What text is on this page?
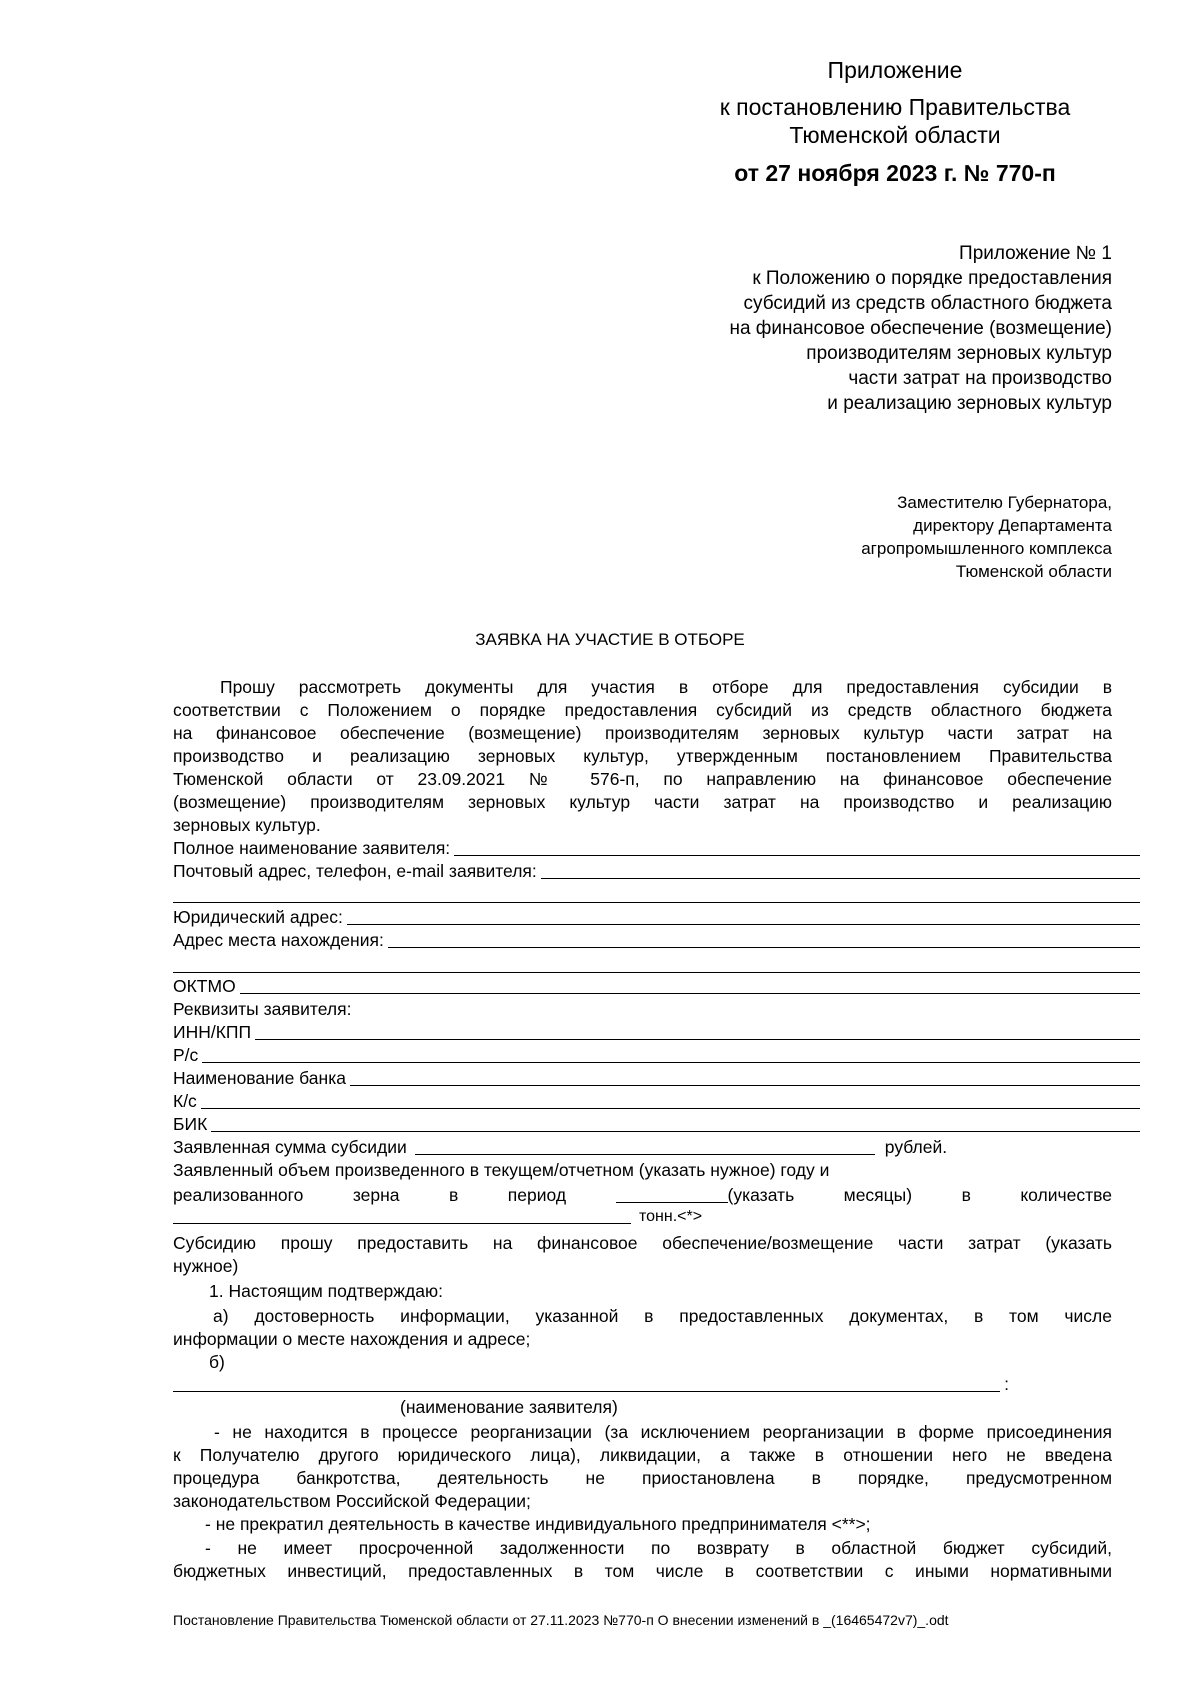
Приложение
к постановлению Правительства
Тюменской области
от 27 ноября 2023 г. № 770-п
Приложение № 1
к Положению о порядке предоставления
субсидий из средств областного бюджета
на финансовое обеспечение (возмещение)
производителям зерновых культур
части затрат на производство
и реализацию зерновых культур
Заместителю Губернатора,
директору Департамента
агропромышленного комплекса
Тюменской области
ЗАЯВКА НА УЧАСТИЕ В ОТБОРЕ
Прошу рассмотреть документы для участия в отборе для предоставления субсидии в
соответствии с Положением о порядке предоставления субсидий из средств областного бюджета
на финансовое обеспечение (возмещение) производителям зерновых культур части затрат на
производство и реализацию зерновых культур, утвержденным постановлением Правительства
Тюменской области от 23.09.2021 № 576-п, по направлению на финансовое обеспечение
(возмещение) производителям зерновых культур части затрат на производство и реализацию
зерновых культур.
Полное наименование заявителя:
Почтовый адрес, телефон, e-mail заявителя:
Юридический адрес:
Адрес места нахождения:
ОКТМО
Реквизиты заявителя:
ИНН/КПП
Р/с
Наименование банка
К/с
БИК
Заявленная сумма субсидии	рублей.
Заявленный объем произведенного в текущем/отчетном (указать нужное) году и
реализованного	зерна	в	период	(указать	месяцы)	в	количестве
тонн.<*>
Субсидию прошу предоставить на финансовое обеспечение/возмещение части затрат (указать
нужное)
1. Настоящим подтверждаю:
а) достоверность информации, указанной в предоставленных документах, в том числе
информации о месте нахождения и адресе;
б)
:
(наименование заявителя)
- не находится в процессе реорганизации (за исключением реорганизации в форме присоединения
к Получателю другого юридического лица), ликвидации, а также в отношении него не введена
процедура банкротства, деятельность не приостановлена в порядке, предусмотренном
законодательством Российской Федерации;
- не прекратил деятельность в качестве индивидуального предпринимателя <**>;
- не имеет просроченной задолженности по возврату в областной бюджет субсидий,
бюджетных инвестиций, предоставленных в том числе в соответствии с иными нормативными
Постановление Правительства Тюменской области от 27.11.2023 №770-п О внесении изменений в _(16465472v7)_.odt
